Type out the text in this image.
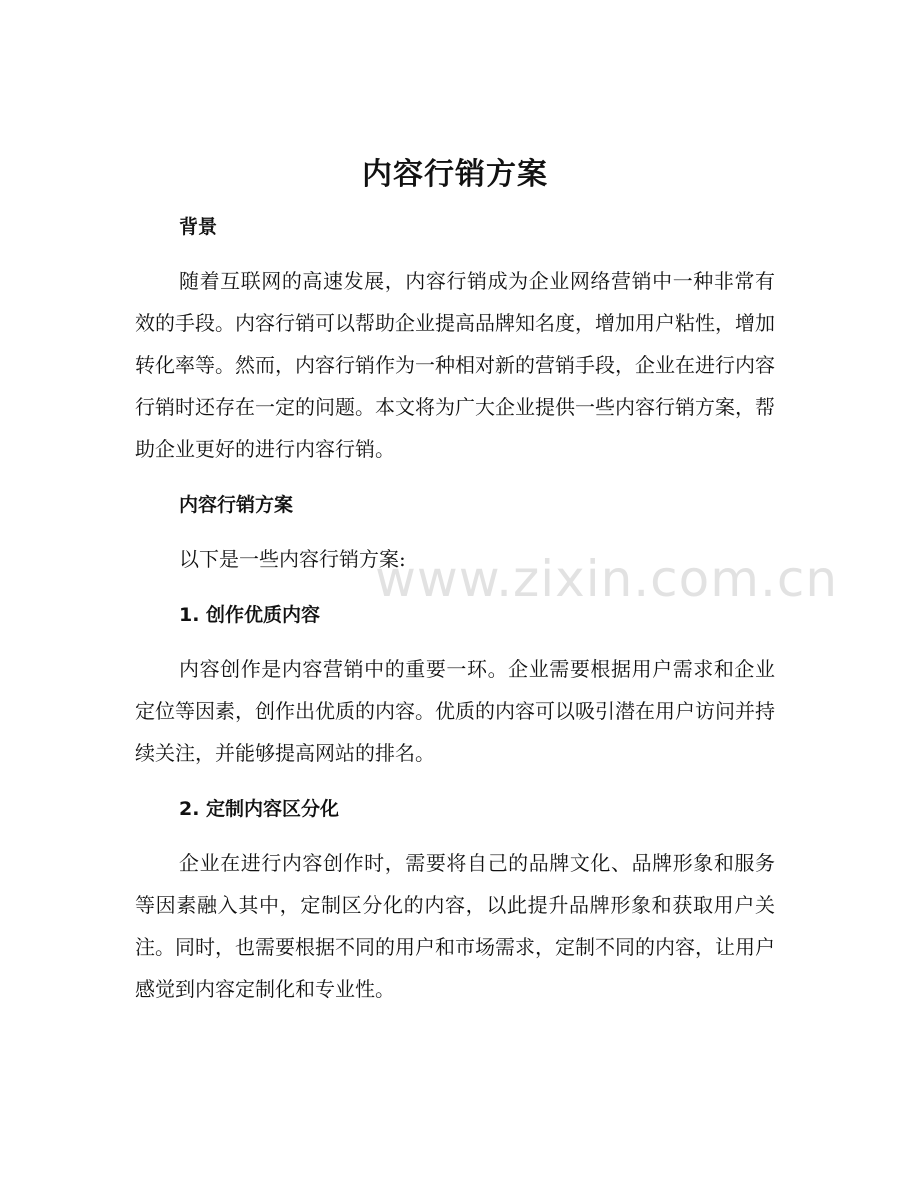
www.zixin.com.cn
内容行销方案
背景

随着互联网的高速发展，内容行销成为企业网络营销中一种非常有效的手段。内容行销可以帮助企业提高品牌知名度，增加用户粘性，增加转化率等。然而，内容行销作为一种相对新的营销手段，企业在进行内容行销时还存在一定的问题。本文将为广大企业提供一些内容行销方案，帮助企业更好的进行内容行销。

内容行销方案

以下是一些内容行销方案:

1. 创作优质内容

内容创作是内容营销中的重要一环。企业需要根据用户需求和企业定位等因素，创作出优质的内容。优质的内容可以吸引潜在用户访问并持续关注，并能够提高网站的排名。

2. 定制内容区分化

企业在进行内容创作时，需要将自己的品牌文化、品牌形象和服务等因素融入其中，定制区分化的内容，以此提升品牌形象和获取用户关注。同时，也需要根据不同的用户和市场需求，定制不同的内容，让用户感觉到内容定制化和专业性。
